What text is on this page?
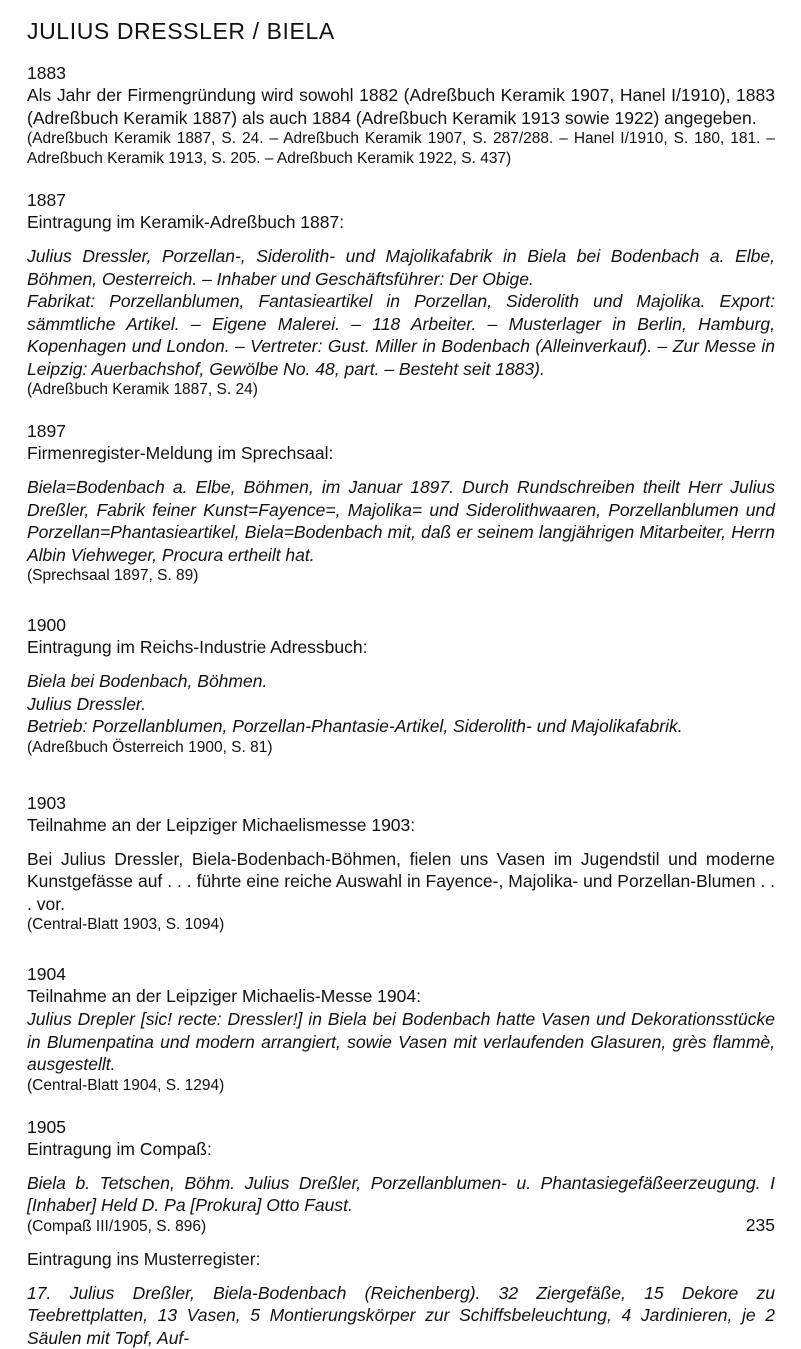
JULIUS DRESSLER / BIELA

1883

Als Jahr der Firmengründung wird sowohl 1882 (Adreßbuch Keramik 1907, Hanel I/1910), 1883 (Adreßbuch Keramik 1887) als auch 1884 (Adreßbuch Keramik 1913 sowie 1922) angegeben.

(Adreßbuch Keramik 1887, S. 24. – Adreßbuch Keramik 1907, S. 287/288. – Hanel I/1910, S. 180, 181. – Adreßbuch Keramik 1913, S. 205. – Adreßbuch Keramik 1922, S. 437)

1887

Eintragung im Keramik-Adreßbuch 1887:

Julius Dressler, Porzellan-, Siderolith- und Majolikafabrik in Biela bei Bodenbach a. Elbe, Böhmen, Oesterreich. – Inhaber und Geschäftsführer: Der Obige.

Fabrikat: Porzellanblumen, Fantasieartikel in Porzellan, Siderolith und Majolika. Export: sämmtliche Artikel. – Eigene Malerei. – 118 Arbeiter. – Musterlager in Berlin, Hamburg, Kopenhagen und London. – Vertreter: Gust. Miller in Bodenbach (Alleinverkauf). – Zur Messe in Leipzig: Auerbachshof, Gewölbe No. 48, part. – Besteht seit 1883).

(Adreßbuch Keramik 1887, S. 24)

1897

Firmenregister-Meldung im Sprechsaal:

Biela=Bodenbach a. Elbe, Böhmen, im Januar 1897. Durch Rundschreiben theilt Herr Julius Dreßler, Fabrik feiner Kunst=Fayence=, Majolika= und Siderolithwaaren, Porzellanblumen und Porzellan=Phantasieartikel, Biela=Bodenbach mit, daß er seinem langjährigen Mitarbeiter, Herrn Albin Viehweger, Procura ertheilt hat.

(Sprechsaal 1897, S. 89)

1900

Eintragung im Reichs-Industrie Adressbuch:

Biela bei Bodenbach, Böhmen.

Julius Dressler.

Betrieb: Porzellanblumen, Porzellan-Phantasie-Artikel, Siderolith- und Majolikafabrik.

(Adreßbuch Österreich 1900, S. 81)

1903

Teilnahme an der Leipziger Michaelismesse 1903:

Bei Julius Dressler, Biela-Bodenbach-Böhmen, fielen uns Vasen im Jugendstil und moderne Kunstgefässe auf . . . führte eine reiche Auswahl in Fayence-, Majolika- und Porzellan-Blumen . . . vor.

(Central-Blatt 1903, S. 1094)

1904

Teilnahme an der Leipziger Michaelis-Messe 1904:

Julius Drepler [sic! recte: Dressler!] in Biela bei Bodenbach hatte Vasen und Dekorationsstücke in Blumenpatina und modern arrangiert, sowie Vasen mit verlaufenden Glasuren, grès flammè, ausgestellt.

(Central-Blatt 1904, S. 1294)

1905

Eintragung im Compaß:

Biela b. Tetschen, Böhm. Julius Dreßler, Porzellanblumen- u. Phantasiegefäßeerzeugung. I [Inhaber] Held D. Pa [Prokura] Otto Faust.

(Compaß III/1905, S. 896)

Eintragung ins Musterregister:

17. Julius Dreßler, Biela-Bodenbach (Reichenberg). 32 Ziergefäße, 15 Dekore zu Teebrettplatten, 13 Vasen, 5 Montierungskörper zur Schiffsbeleuchtung, 4 Jardinieren, je 2 Säulen mit Topf, Auf-

235
